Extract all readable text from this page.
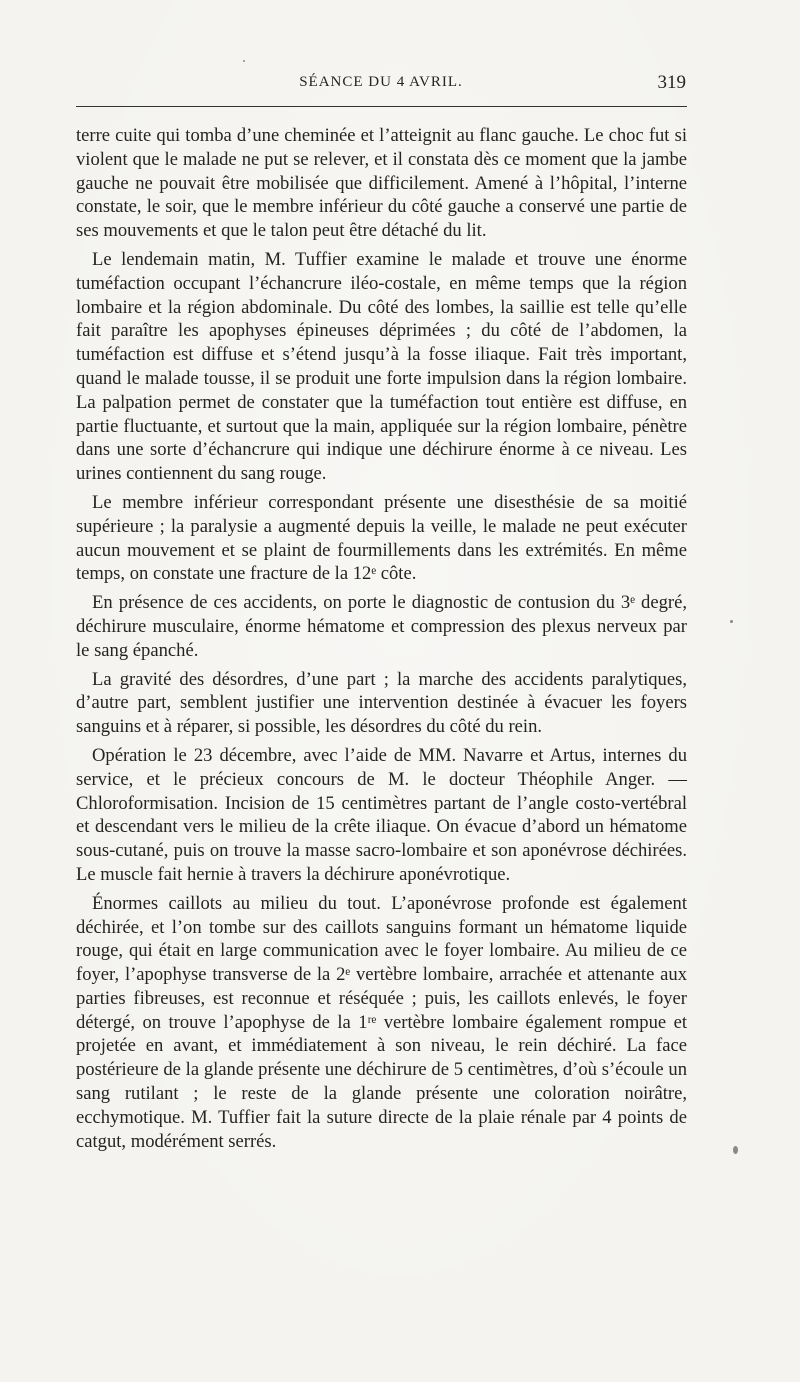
SÉANCE DU 4 AVRIL.	319

terre cuite qui tomba d’une cheminée et l’atteignit au flanc gauche. Le choc fut si violent que le malade ne put se relever, et il constata dès ce moment que la jambe gauche ne pouvait être mobilisée que difficilement. Amené à l’hôpital, l’interne constate, le soir, que le membre inférieur du côté gauche a conservé une partie de ses mouvements et que le talon peut être détaché du lit.

Le lendemain matin, M. Tuffier examine le malade et trouve une énorme tuméfaction occupant l’échancrure iléo-costale, en même temps que la région lombaire et la région abdominale. Du côté des lombes, la saillie est telle qu’elle fait paraître les apophyses épineuses déprimées ; du côté de l’abdomen, la tuméfaction est diffuse et s’étend jusqu’à la fosse iliaque. Fait très important, quand le malade tousse, il se produit une forte impulsion dans la région lombaire. La palpation permet de constater que la tuméfaction tout entière est diffuse, en partie fluctuante, et surtout que la main, appliquée sur la région lombaire, pénètre dans une sorte d’échancrure qui indique une déchirure énorme à ce niveau. Les urines contiennent du sang rouge.

Le membre inférieur correspondant présente une disesthésie de sa moitié supérieure ; la paralysie a augmenté depuis la veille, le malade ne peut exécuter aucun mouvement et se plaint de fourmillements dans les extrémités. En même temps, on constate une fracture de la 12ᵉ côte.

En présence de ces accidents, on porte le diagnostic de contusion du 3ᵉ degré, déchirure musculaire, énorme hématome et compression des plexus nerveux par le sang épanché.

La gravité des désordres, d’une part ; la marche des accidents paralytiques, d’autre part, semblent justifier une intervention destinée à évacuer les foyers sanguins et à réparer, si possible, les désordres du côté du rein.

Opération le 23 décembre, avec l’aide de MM. Navarre et Artus, internes du service, et le précieux concours de M. le docteur Théophile Anger. — Chloroformisation. Incision de 15 centimètres partant de l’angle costo-vertébral et descendant vers le milieu de la crête iliaque. On évacue d’abord un hématome sous-cutané, puis on trouve la masse sacro-lombaire et son aponévrose déchirées. Le muscle fait hernie à travers la déchirure aponévrotique.

Énormes caillots au milieu du tout. L’aponévrose profonde est également déchirée, et l’on tombe sur des caillots sanguins formant un hématome liquide rouge, qui était en large communication avec le foyer lombaire. Au milieu de ce foyer, l’apophyse transverse de la 2ᵉ vertèbre lombaire, arrachée et attenante aux parties fibreuses, est reconnue et réséquée ; puis, les caillots enlevés, le foyer détergé, on trouve l’apophyse de la 1ʳᵉ vertèbre lombaire également rompue et projetée en avant, et immédiatement à son niveau, le rein déchiré. La face postérieure de la glande présente une déchirure de 5 centimètres, d’où s’écoule un sang rutilant ; le reste de la glande présente une coloration noirâtre, ecchymotique. M. Tuffier fait la suture directe de la plaie rénale par 4 points de catgut, modérément serrés.
